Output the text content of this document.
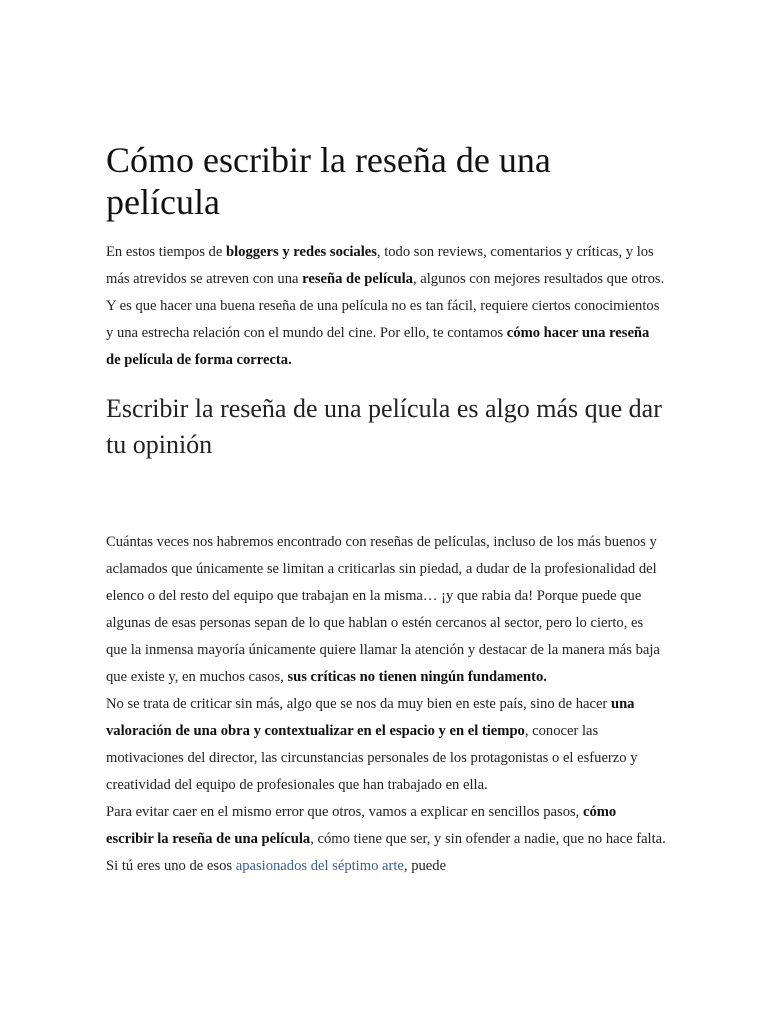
Cómo escribir la reseña de una película

En estos tiempos de bloggers y redes sociales, todo son reviews, comentarios y críticas, y los más atrevidos se atreven con una reseña de película, algunos con mejores resultados que otros. Y es que hacer una buena reseña de una película no es tan fácil, requiere ciertos conocimientos y una estrecha relación con el mundo del cine. Por ello, te contamos cómo hacer una reseña de película de forma correcta.

Escribir la reseña de una película es algo más que dar tu opinión

Cuántas veces nos habremos encontrado con reseñas de películas, incluso de los más buenos y aclamados que únicamente se limitan a criticarlas sin piedad, a dudar de la profesionalidad del elenco o del resto del equipo que trabajan en la misma… ¡y que rabia da! Porque puede que algunas de esas personas sepan de lo que hablan o estén cercanos al sector, pero lo cierto, es que la inmensa mayoría únicamente quiere llamar la atención y destacar de la manera más baja que existe y, en muchos casos, sus críticas no tienen ningún fundamento.

No se trata de criticar sin más, algo que se nos da muy bien en este país, sino de hacer una valoración de una obra y contextualizar en el espacio y en el tiempo, conocer las motivaciones del director, las circunstancias personales de los protagonistas o el esfuerzo y creatividad del equipo de profesionales que han trabajado en ella.

Para evitar caer en el mismo error que otros, vamos a explicar en sencillos pasos, cómo escribir la reseña de una película, cómo tiene que ser, y sin ofender a nadie, que no hace falta. Si tú eres uno de esos apasionados del séptimo arte, puede
